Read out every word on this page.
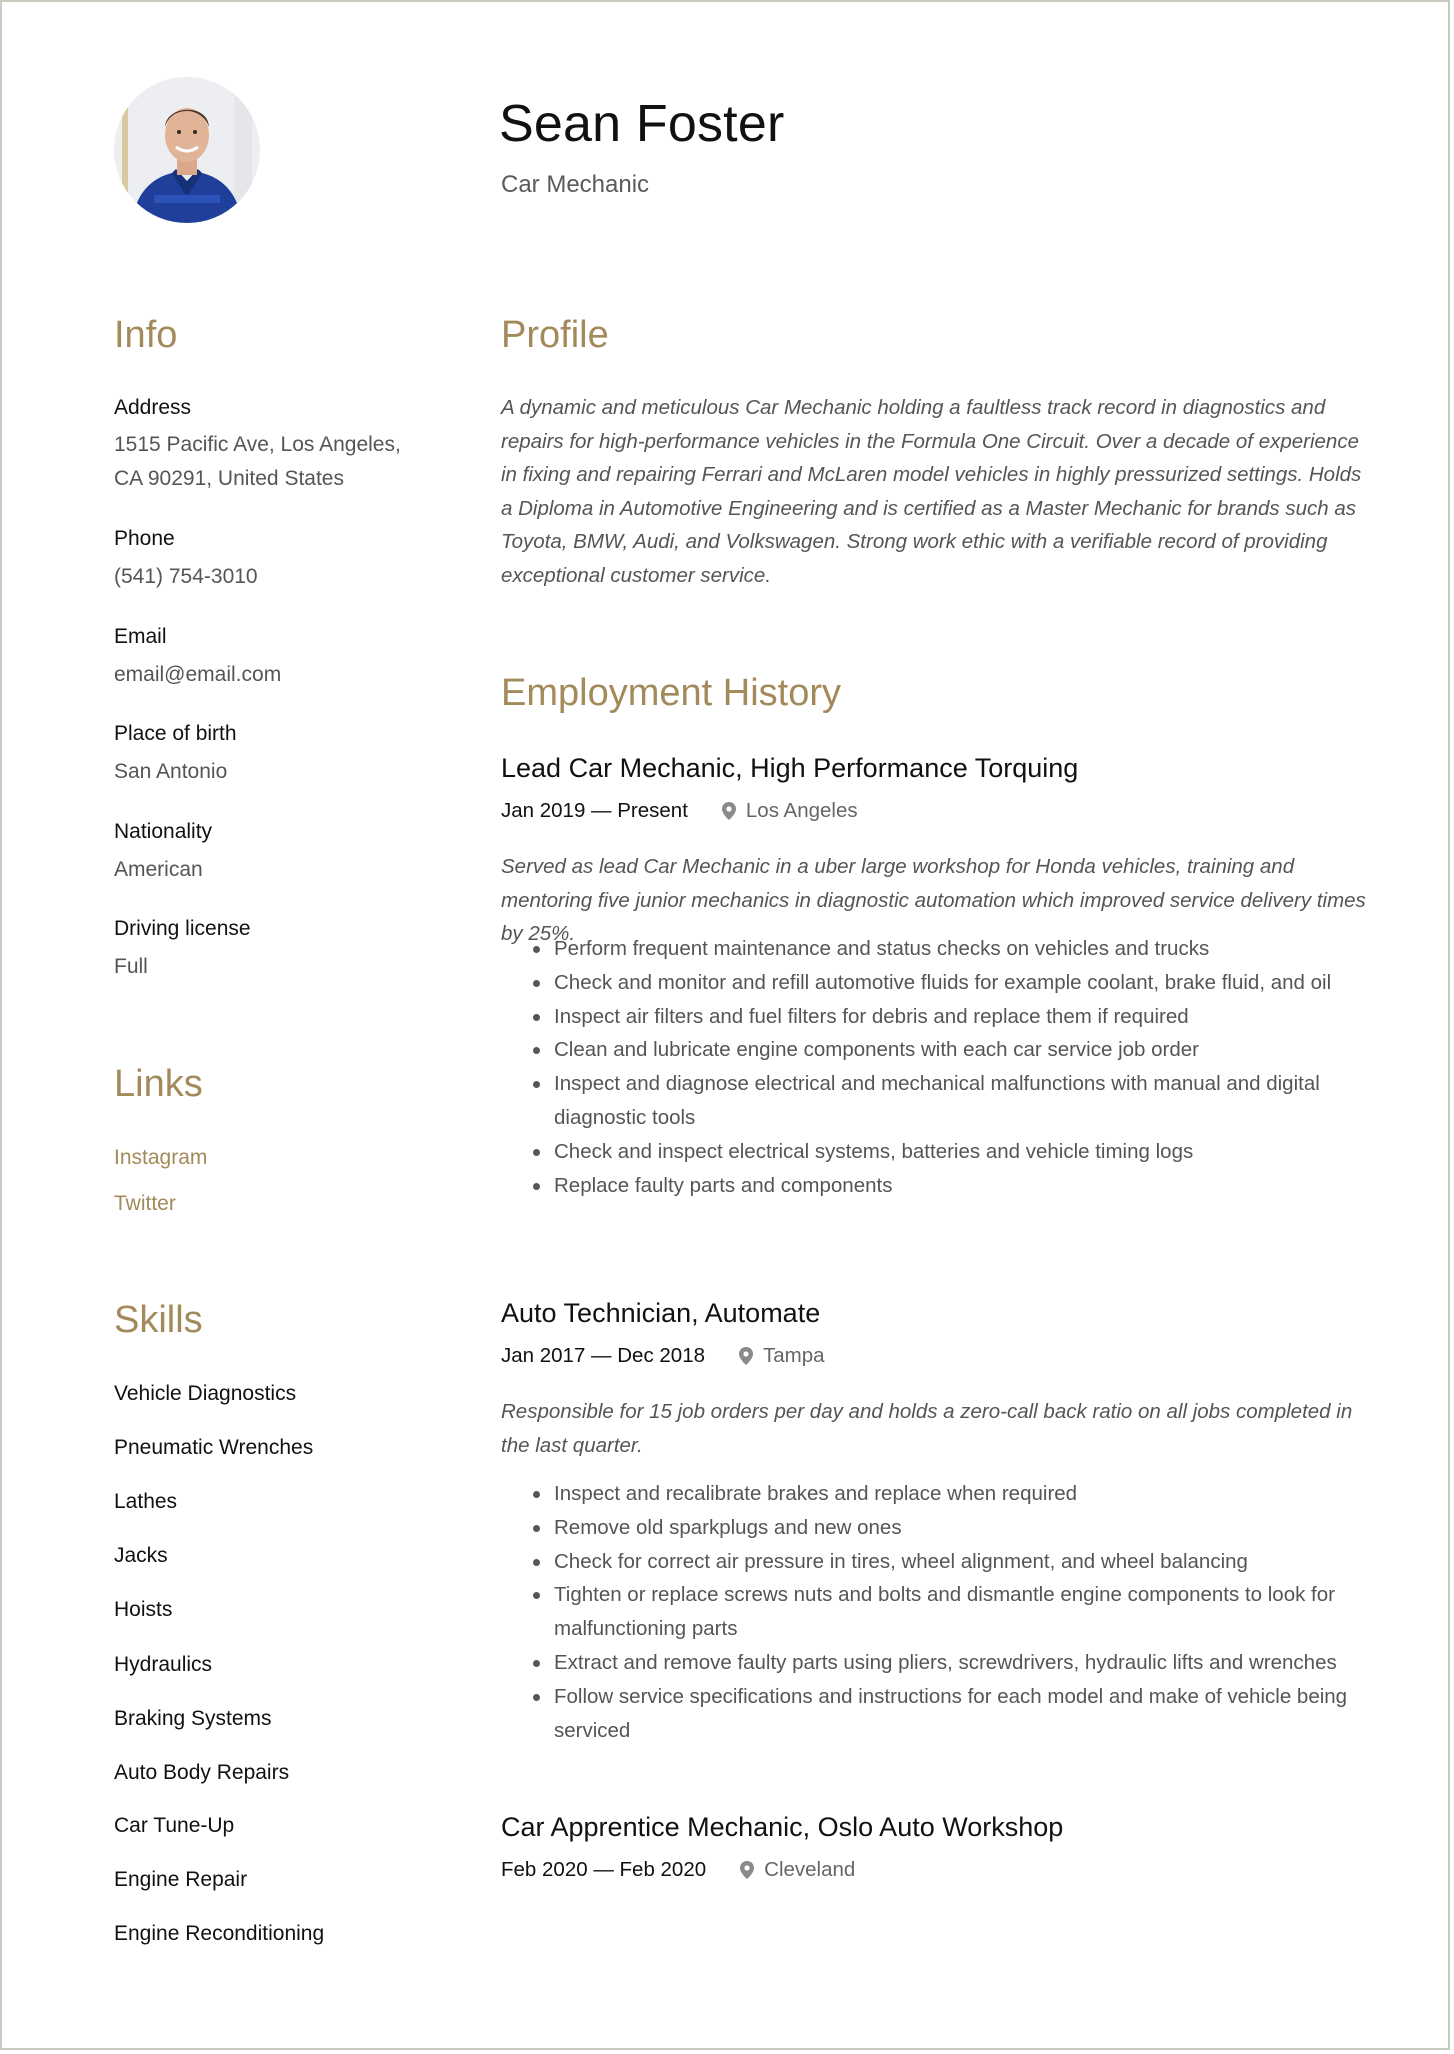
Sean Foster
Car Mechanic
Info
Address
1515 Pacific Ave, Los Angeles,
CA 90291, United States
Phone
(541) 754-3010
Email
email@email.com
Place of birth
San Antonio
Nationality
American
Driving license
Full
Links
Instagram
Twitter
Skills
Vehicle Diagnostics
Pneumatic Wrenches
Lathes
Jacks
Hoists
Hydraulics
Braking Systems
Auto Body Repairs
Car Tune-Up
Engine Repair
Engine Reconditioning
Profile

A dynamic and meticulous Car Mechanic holding a faultless track record in diagnostics and repairs for high-performance vehicles in the Formula One Circuit. Over a decade of experience in fixing and repairing Ferrari and McLaren model vehicles in highly pressurized settings. Holds a Diploma in Automotive Engineering and is certified as a Master Mechanic for brands such as Toyota, BMW, Audi, and Volkswagen. Strong work ethic with a verifiable record of providing exceptional customer service.

Employment History
Lead Car Mechanic, High Performance Torquing
Jan 2019 — Present	Los Angeles

Served as lead Car Mechanic in a uber large workshop for Honda vehicles, training and mentoring five junior mechanics in diagnostic automation which improved service delivery times by 25%.

Perform frequent maintenance and status checks on vehicles and trucks
Check and monitor and refill automotive fluids for example coolant, brake fluid, and oil
Inspect air filters and fuel filters for debris and replace them if required
Clean and lubricate engine components with each car service job order
Inspect and diagnose electrical and mechanical malfunctions with manual and digital diagnostic tools
Check and inspect electrical systems, batteries and vehicle timing logs
Replace faulty parts and components
Auto Technician, Automate
Jan 2017 — Dec 2018	Tampa

Responsible for 15 job orders per day and holds a zero-call back ratio on all jobs completed in the last quarter.

Inspect and recalibrate brakes and replace when required
Remove old sparkplugs and new ones
Check for correct air pressure in tires, wheel alignment, and wheel balancing
Tighten or replace screws nuts and bolts and dismantle engine components to look for malfunctioning parts
Extract and remove faulty parts using pliers, screwdrivers, hydraulic lifts and wrenches
Follow service specifications and instructions for each model and make of vehicle being serviced
Car Apprentice Mechanic, Oslo Auto Workshop
Feb 2020 — Feb 2020	Cleveland
